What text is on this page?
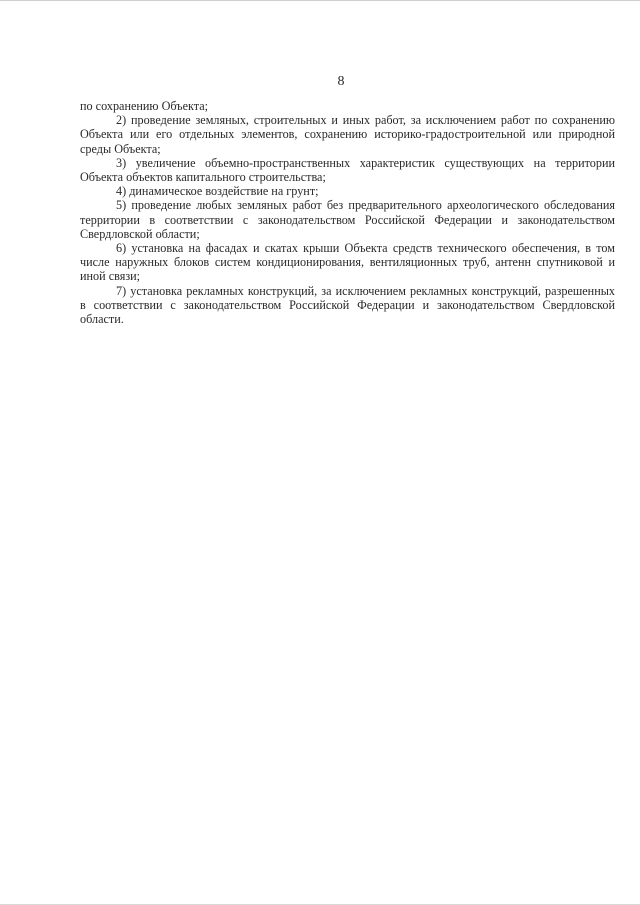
8

по сохранению Объекта;

2) проведение земляных, строительных и иных работ, за исключением работ по сохранению Объекта или его отдельных элементов, сохранению историко-градостроительной или природной среды Объекта;

3) увеличение объемно-пространственных характеристик существующих на территории Объекта объектов капитального строительства;

4) динамическое воздействие на грунт;

5) проведение любых земляных работ без предварительного археологического обследования территории в соответствии с законодательством Российской Федерации и законодательством Свердловской области;

6) установка на фасадах и скатах крыши Объекта средств технического обеспечения, в том числе наружных блоков систем кондиционирования, вентиляционных труб, антенн спутниковой и иной связи;

7) установка рекламных конструкций, за исключением рекламных конструкций, разрешенных в соответствии с законодательством Российской Федерации и законодательством Свердловской области.
